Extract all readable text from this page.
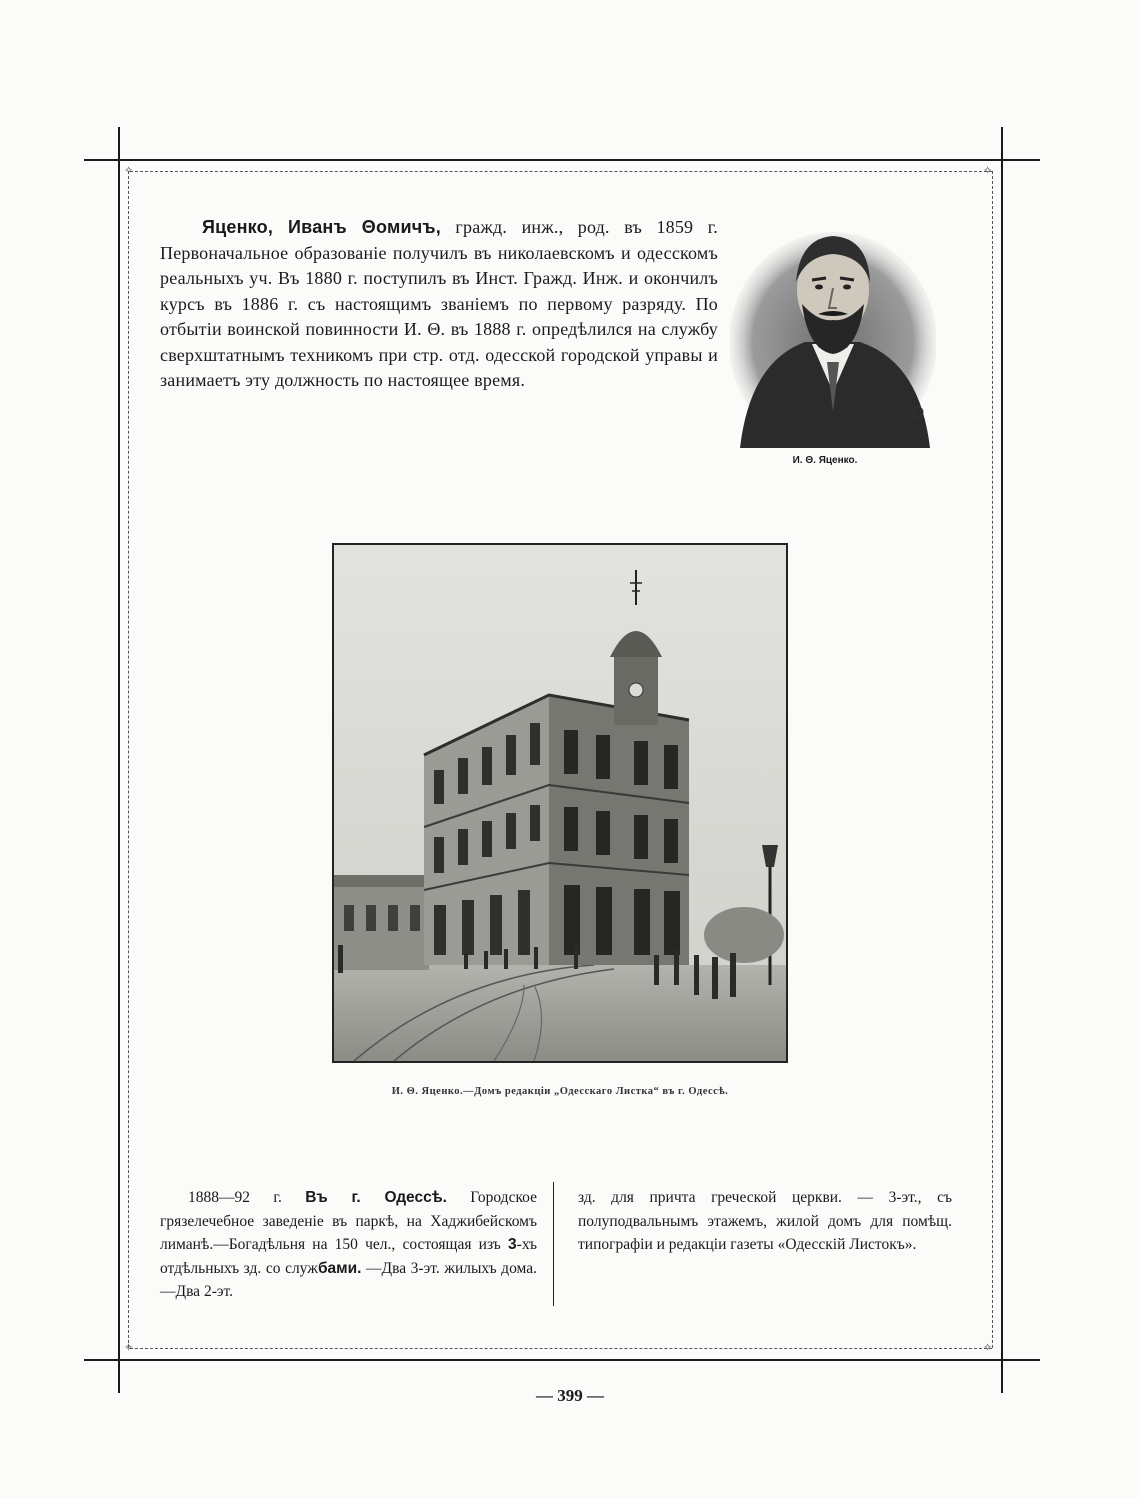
✧	✧
✧	✧
Яценко, Иванъ Θомичъ, гражд. инж., род. въ 1859 г. Первоначальное образованіе получилъ въ николаевскомъ и одесскомъ реальныхъ уч. Въ 1880 г. поступилъ въ Инст. Гражд. Инж. и окончилъ курсъ въ 1886 г. съ настоящимъ званіемъ по первому разряду. По отбытіи воинской повинности И. Θ. въ 1888 г. опредѣлился на службу сверхштатнымъ техникомъ при стр. отд. одесской городской управы и занимаетъ эту должность по настоящее время.
И. Θ. Яценко.
И. Θ. Яценко.—Домъ редакціи „Одесскаго Листка“ въ г. Одессѣ.
1888—92 г. Въ г. Одессѣ. Городское грязелечебное заведеніе въ паркѣ, на Хаджибейскомъ лиманѣ.—Богадѣльня на 150 чел., состоящая изъ 3-хъ отдѣльныхъ зд. со службами. —Два 3-эт. жилыхъ дома.—Два 2-эт.
зд. для причта греческой церкви. — 3-эт., съ полуподвальнымъ этажемъ, жилой домъ для помѣщ. типографіи и редакціи газеты «Одесскій Листокъ».
— 399 —
